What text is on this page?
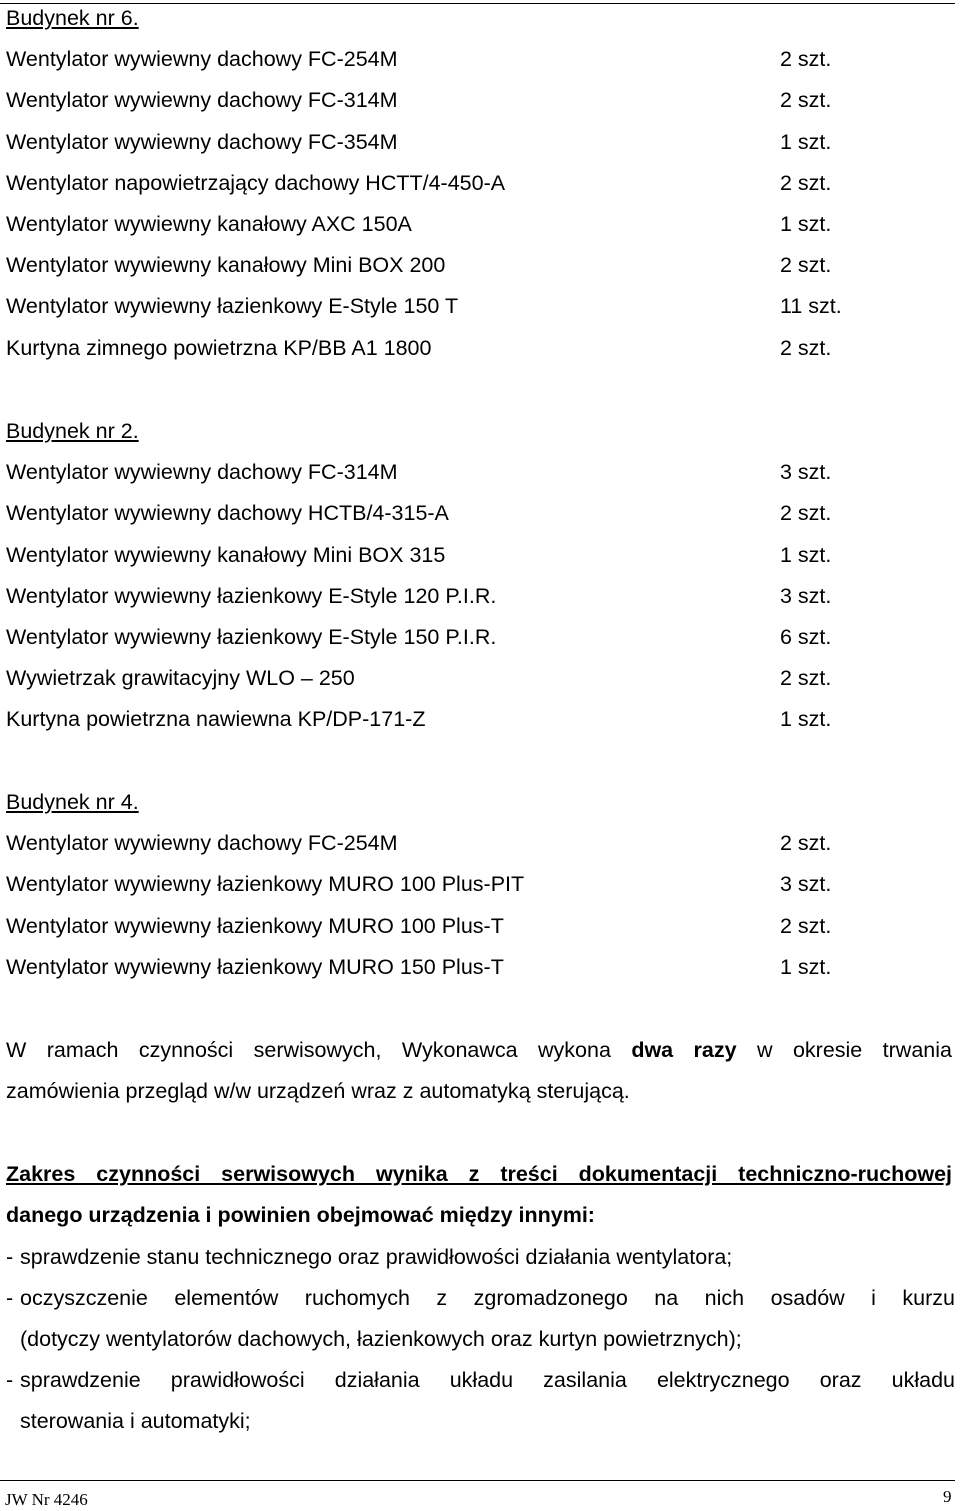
Budynek nr 6.
Wentylator wywiewny dachowy FC-254M	2 szt.
Wentylator wywiewny dachowy FC-314M	2 szt.
Wentylator wywiewny dachowy FC-354M	1 szt.
Wentylator napowietrzający dachowy HCTT/4-450-A	2 szt.
Wentylator wywiewny kanałowy AXC 150A	1 szt.
Wentylator wywiewny kanałowy Mini BOX 200	2 szt.
Wentylator wywiewny łazienkowy E-Style 150 T	11 szt.
Kurtyna zimnego powietrzna KP/BB A1 1800	2 szt.
Budynek nr 2.
Wentylator wywiewny dachowy FC-314M	3 szt.
Wentylator wywiewny dachowy HCTB/4-315-A	2 szt.
Wentylator wywiewny kanałowy Mini BOX 315	1 szt.
Wentylator wywiewny łazienkowy E-Style 120 P.I.R.	3 szt.
Wentylator wywiewny łazienkowy E-Style 150 P.I.R.	6 szt.
Wywietrzak grawitacyjny WLO – 250	2 szt.
Kurtyna powietrzna nawiewna KP/DP-171-Z	1 szt.
Budynek nr 4.
Wentylator wywiewny dachowy FC-254M	2 szt.
Wentylator wywiewny łazienkowy MURO 100 Plus-PIT	3 szt.
Wentylator wywiewny łazienkowy MURO 100 Plus-T	2 szt.
Wentylator wywiewny łazienkowy MURO 150 Plus-T	1 szt.
W ramach czynności serwisowych, Wykonawca wykona dwa razy w okresie trwania
zamówienia przegląd w/w urządzeń wraz z automatyką sterującą.
Zakres czynności serwisowych wynika z treści dokumentacji techniczno-ruchowej
danego urządzenia i powinien obejmować między innymi:
- sprawdzenie stanu technicznego oraz prawidłowości działania wentylatora;
- oczyszczenie elementów ruchomych z zgromadzonego na nich osadów i kurzu
(dotyczy wentylatorów dachowych, łazienkowych oraz kurtyn powietrznych);
- sprawdzenie prawidłowości działania układu zasilania elektrycznego oraz układu
sterowania i automatyki;
JW Nr 4246	9
